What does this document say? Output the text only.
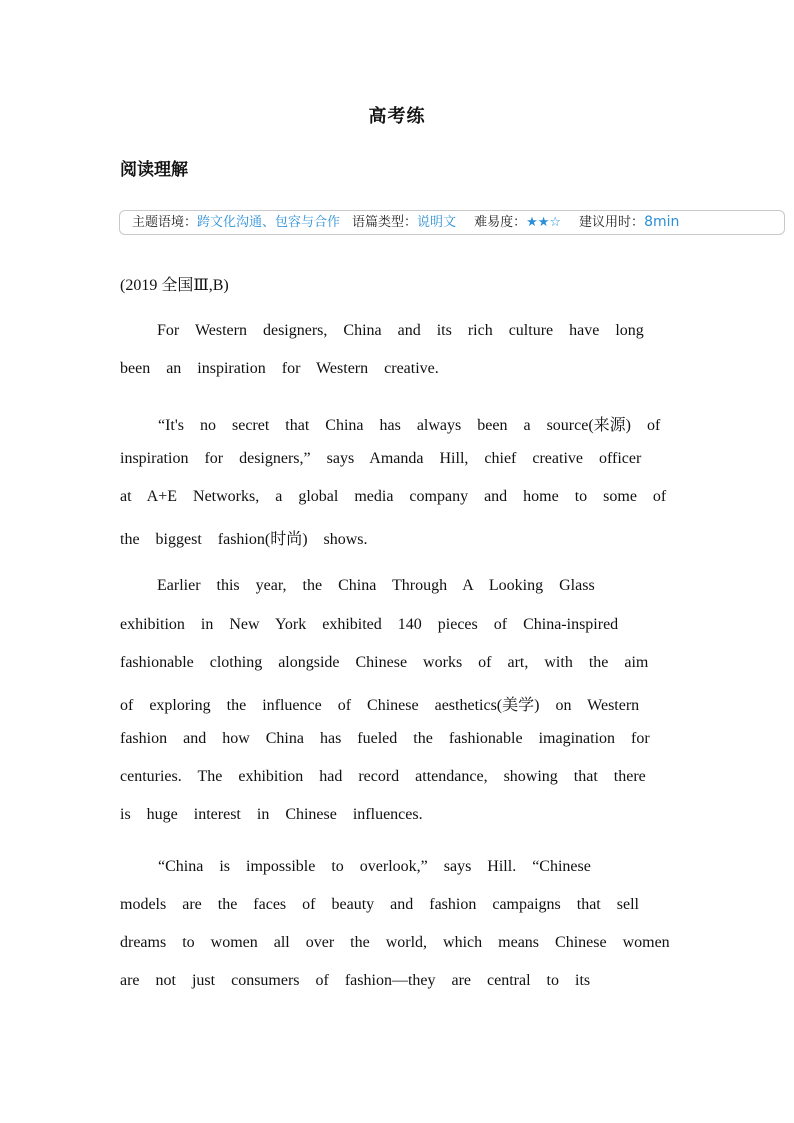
高考练
阅读理解
主题语境：跨文化沟通、包容与合作 语篇类型：说明文 难易度：★★☆ 建议用时：8min
(2019 全国Ⅲ,B)
For  Western  designers,  China  and  its  rich  culture  have  long
been  an  inspiration  for  Western  creative.
“It's  no  secret  that  China  has  always  been  a  source(来源)  of
inspiration  for  designers,”  says  Amanda  Hill,  chief  creative  officer
at  A+E  Networks,  a  global  media  company  and  home  to  some  of
the  biggest  fashion(时尚)  shows.
Earlier  this  year,  the  China  Through  A  Looking  Glass
exhibition  in  New  York  exhibited  140  pieces  of  China-inspired
fashionable  clothing  alongside  Chinese  works  of  art,  with  the  aim
of  exploring  the  influence  of  Chinese  aesthetics(美学)  on  Western
fashion  and  how  China  has  fueled  the  fashionable  imagination  for
centuries.  The  exhibition  had  record  attendance,  showing  that  there
is  huge  interest  in  Chinese  influences.
“China  is  impossible  to  overlook,”  says  Hill.  “Chinese
models  are  the  faces  of  beauty  and  fashion  campaigns  that  sell
dreams  to  women  all  over  the  world,  which  means  Chinese  women
are  not  just  consumers  of  fashion—they  are  central  to  its
